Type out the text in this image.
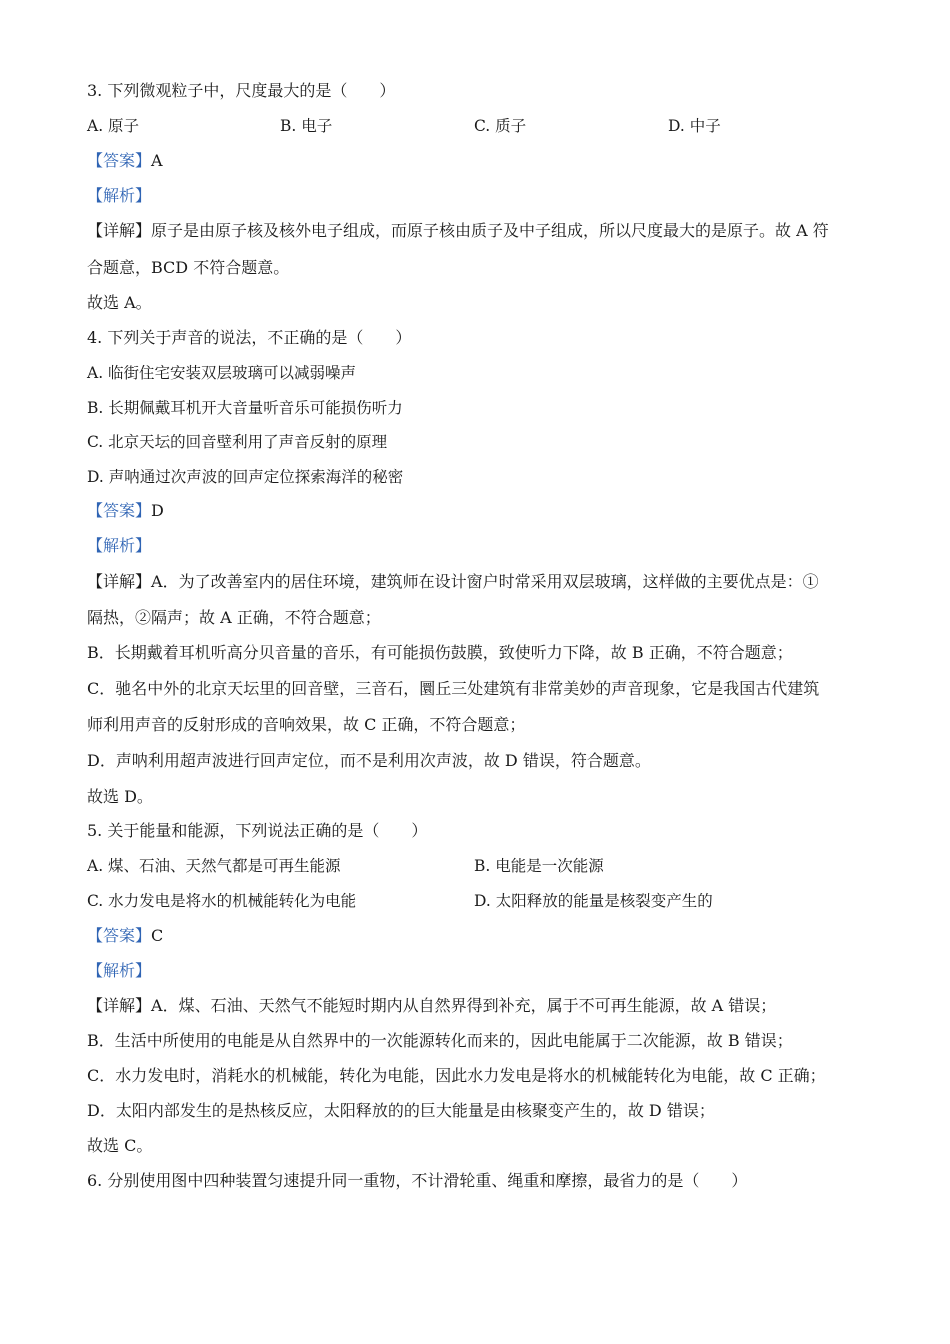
3. 下列微观粒子中，尺度最大的是（　　）
A. 原子	B. 电子	C. 质子	D. 中子
【答案】A
【解析】
【详解】原子是由原子核及核外电子组成，而原子核由质子及中子组成，所以尺度最大的是原子。故 A 符
合题意，BCD 不符合题意。
故选 A。
4. 下列关于声音的说法，不正确的是（　　）
A. 临街住宅安装双层玻璃可以减弱噪声
B. 长期佩戴耳机开大音量听音乐可能损伤听力
C. 北京天坛的回音壁利用了声音反射的原理
D. 声呐通过次声波的回声定位探索海洋的秘密
【答案】D
【解析】
【详解】A．为了改善室内的居住环境，建筑师在设计窗户时常采用双层玻璃，这样做的主要优点是：①
隔热，②隔声；故 A 正确，不符合题意；
B．长期戴着耳机听高分贝音量的音乐，有可能损伤鼓膜，致使听力下降，故 B 正确，不符合题意；
C．驰名中外的北京天坛里的回音壁，三音石，圜丘三处建筑有非常美妙的声音现象，它是我国古代建筑
师利用声音的反射形成的音响效果，故 C 正确，不符合题意；
D．声呐利用超声波进行回声定位，而不是利用次声波，故 D 错误，符合题意。
故选 D。
5. 关于能量和能源，下列说法正确的是（　　）
A. 煤、石油、天然气都是可再生能源	B. 电能是一次能源
C. 水力发电是将水的机械能转化为电能	D. 太阳释放的能量是核裂变产生的
【答案】C
【解析】
【详解】A．煤、石油、天然气不能短时期内从自然界得到补充，属于不可再生能源，故 A 错误；
B．生活中所使用的电能是从自然界中的一次能源转化而来的，因此电能属于二次能源，故 B 错误；
C．水力发电时，消耗水的机械能，转化为电能，因此水力发电是将水的机械能转化为电能，故 C 正确；
D．太阳内部发生的是热核反应，太阳释放的的巨大能量是由核聚变产生的，故 D 错误；
故选 C。
6. 分别使用图中四种装置匀速提升同一重物，不计滑轮重、绳重和摩擦，最省力的是（　　）
